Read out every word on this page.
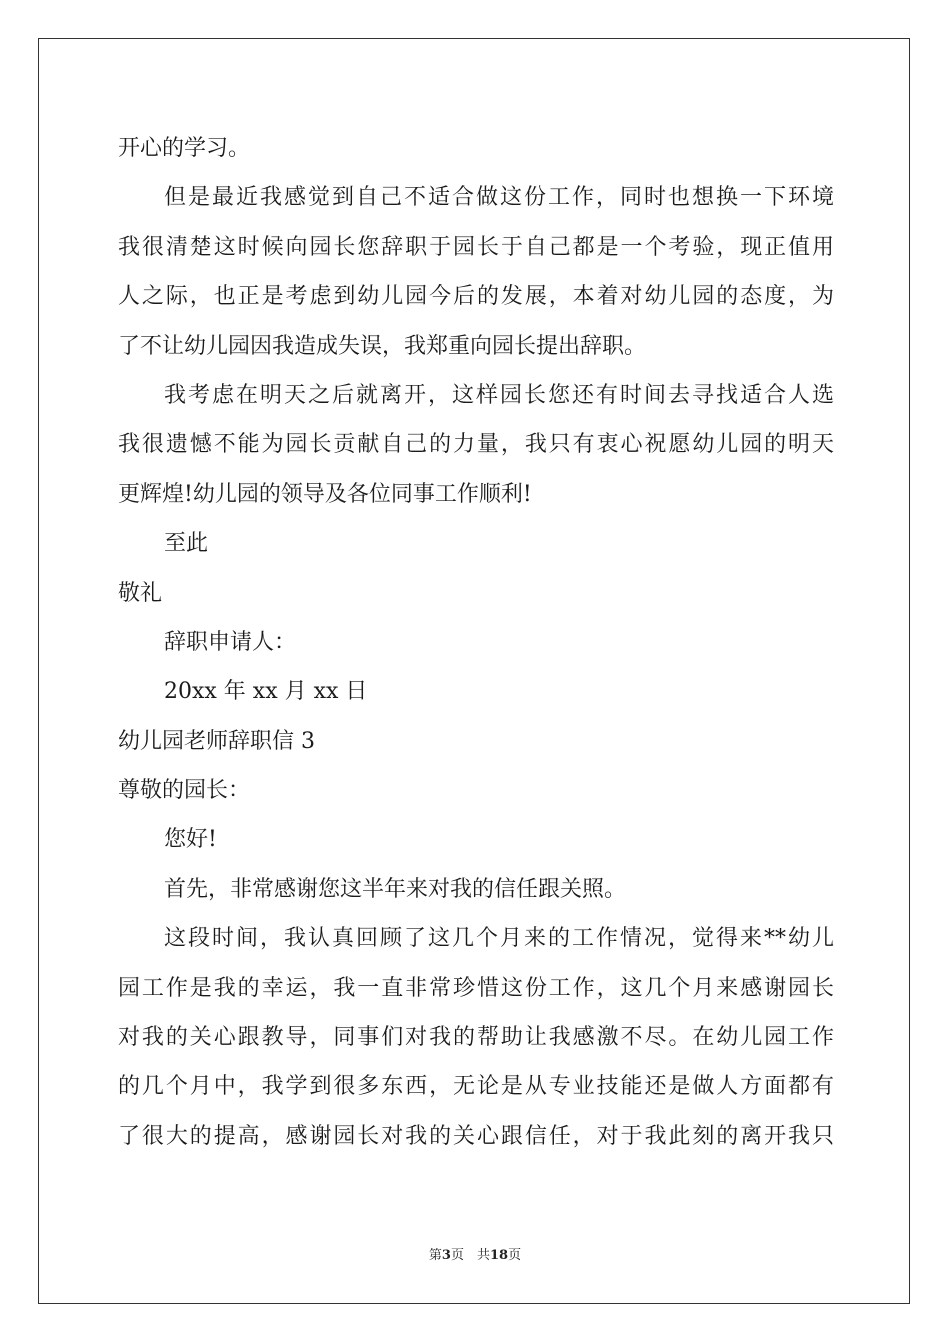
开心的学习。
但是最近我感觉到自己不适合做这份工作，同时也想换一下环境
我很清楚这时候向园长您辞职于园长于自己都是一个考验，现正值用
人之际，也正是考虑到幼儿园今后的发展，本着对幼儿园的态度，为
了不让幼儿园因我造成失误，我郑重向园长提出辞职。
我考虑在明天之后就离开，这样园长您还有时间去寻找适合人选
我很遗憾不能为园长贡献自己的力量，我只有衷心祝愿幼儿园的明天
更辉煌!幼儿园的领导及各位同事工作顺利!
至此
敬礼
辞职申请人：
20xx 年 xx 月 xx 日
幼儿园老师辞职信 3
尊敬的园长：
您好!
首先，非常感谢您这半年来对我的信任跟关照。
这段时间，我认真回顾了这几个月来的工作情况，觉得来**幼儿
园工作是我的幸运，我一直非常珍惜这份工作，这几个月来感谢园长
对我的关心跟教导，同事们对我的帮助让我感激不尽。在幼儿园工作
的几个月中，我学到很多东西，无论是从专业技能还是做人方面都有
了很大的提高，感谢园长对我的关心跟信任，对于我此刻的离开我只
第3页　共18页
